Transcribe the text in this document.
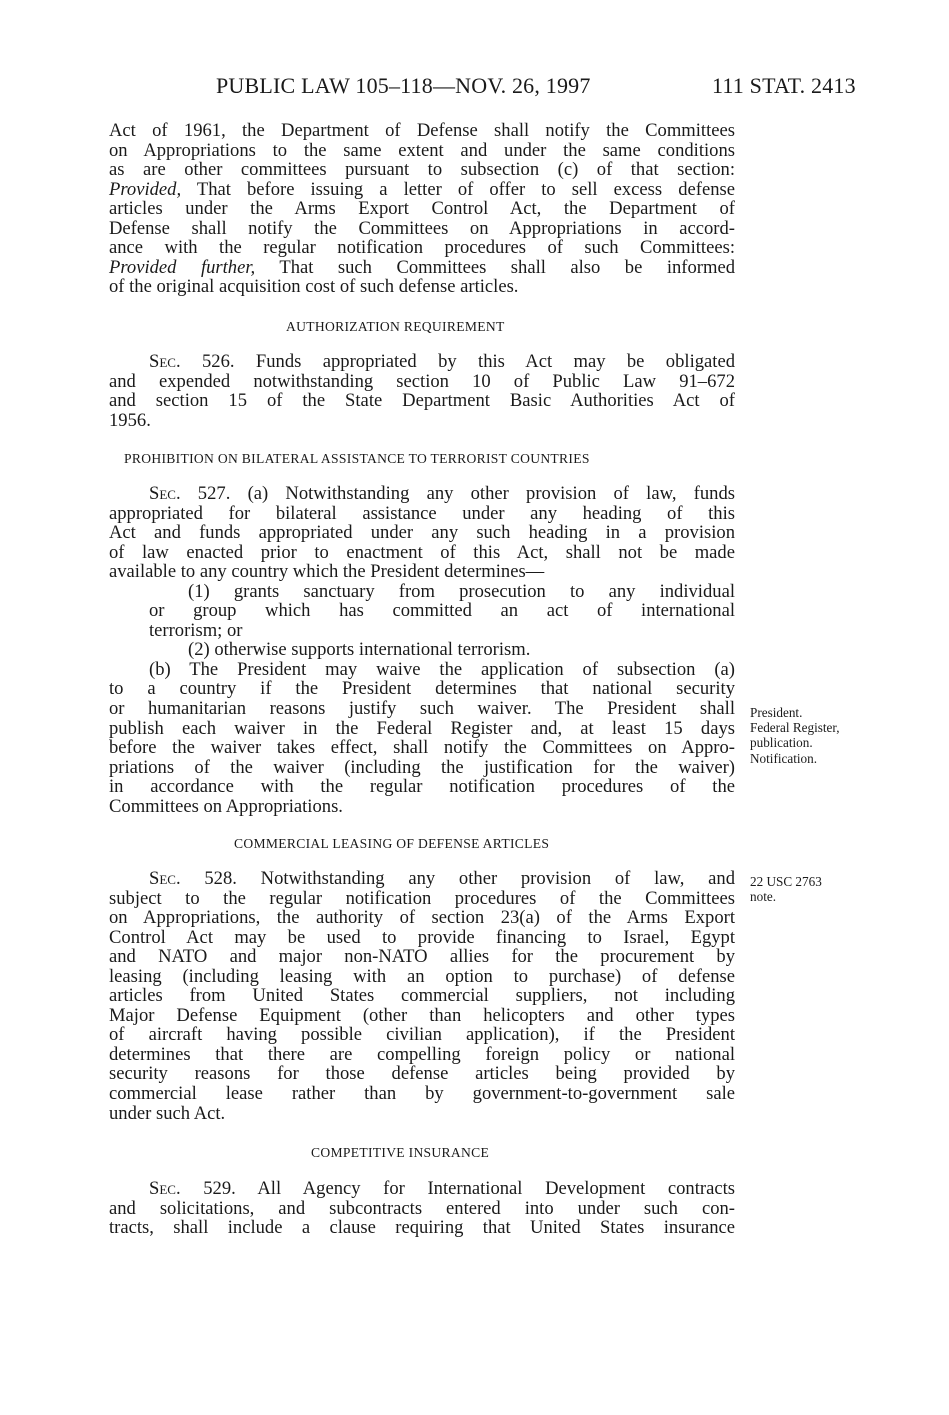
PUBLIC LAW 105–118—NOV. 26, 1997	111 STAT. 2413
Act of 1961, the Department of Defense shall notify the Committees
on Appropriations to the same extent and under the same conditions
as are other committees pursuant to subsection (c) of that section:
Provided, That before issuing a letter of offer to sell excess defense
articles under the Arms Export Control Act, the Department of
Defense shall notify the Committees on Appropriations in accord-
ance with the regular notification procedures of such Committees:
Provided further, That such Committees shall also be informed
of the original acquisition cost of such defense articles.
AUTHORIZATION REQUIREMENT
Sec. 526. Funds appropriated by this Act may be obligated
and expended notwithstanding section 10 of Public Law 91–672
and section 15 of the State Department Basic Authorities Act of
1956.
PROHIBITION ON BILATERAL ASSISTANCE TO TERRORIST COUNTRIES
Sec. 527. (a) Notwithstanding any other provision of law, funds
appropriated for bilateral assistance under any heading of this
Act and funds appropriated under any such heading in a provision
of law enacted prior to enactment of this Act, shall not be made
available to any country which the President determines—
(1) grants sanctuary from prosecution to any individual
or group which has committed an act of international
terrorism; or
(2) otherwise supports international terrorism.
(b) The President may waive the application of subsection (a)
to a country if the President determines that national security
or humanitarian reasons justify such waiver. The President shall
publish each waiver in the Federal Register and, at least 15 days
before the waiver takes effect, shall notify the Committees on Appro-
priations of the waiver (including the justification for the waiver)
in accordance with the regular notification procedures of the
Committees on Appropriations.
President.
Federal Register,
publication.
Notification.
COMMERCIAL LEASING OF DEFENSE ARTICLES
Sec. 528. Notwithstanding any other provision of law, and
subject to the regular notification procedures of the Committees
on Appropriations, the authority of section 23(a) of the Arms Export
Control Act may be used to provide financing to Israel, Egypt
and NATO and major non-NATO allies for the procurement by
leasing (including leasing with an option to purchase) of defense
articles from United States commercial suppliers, not including
Major Defense Equipment (other than helicopters and other types
of aircraft having possible civilian application), if the President
determines that there are compelling foreign policy or national
security reasons for those defense articles being provided by
commercial lease rather than by government-to-government sale
under such Act.
22 USC 2763
note.
COMPETITIVE INSURANCE
Sec. 529. All Agency for International Development contracts
and solicitations, and subcontracts entered into under such con-
tracts, shall include a clause requiring that United States insurance
